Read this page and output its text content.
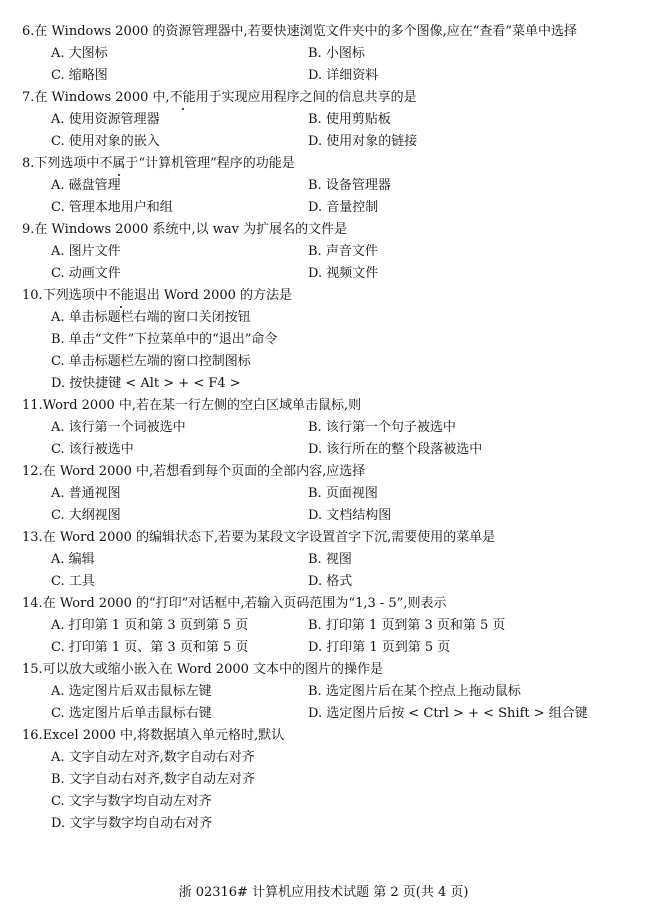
6.在 Windows 2000 的资源管理器中,若要快速浏览文件夹中的多个图像,应在“查看”菜单中选择
A. 大图标	B. 小图标
C. 缩略图	D. 详细资料
7.在 Windows 2000 中,不能用于实现应用程序之间的信息共享的是
A. 使用资源管理器	B. 使用剪贴板
C. 使用对象的嵌入	D. 使用对象的链接
8.下列选项中不属于“计算机管理”程序的功能是
A. 磁盘管理	B. 设备管理器
C. 管理本地用户和组	D. 音量控制
9.在 Windows 2000 系统中,以 wav 为扩展名的文件是
A. 图片文件	B. 声音文件
C. 动画文件	D. 视频文件
10.下列选项中不能退出 Word 2000 的方法是
A. 单击标题栏右端的窗口关闭按钮
B. 单击“文件”下拉菜单中的“退出”命令
C. 单击标题栏左端的窗口控制图标
D. 按快捷键 < Alt > + < F4 >
11.Word 2000 中,若在某一行左侧的空白区域单击鼠标,则
A. 该行第一个词被选中	B. 该行第一个句子被选中
C. 该行被选中	D. 该行所在的整个段落被选中
12.在 Word 2000 中,若想看到每个页面的全部内容,应选择
A. 普通视图	B. 页面视图
C. 大纲视图	D. 文档结构图
13.在 Word 2000 的编辑状态下,若要为某段文字设置首字下沉,需要使用的菜单是
A. 编辑	B. 视图
C. 工具	D. 格式
14.在 Word 2000 的“打印”对话框中,若输入页码范围为“1,3 - 5”,则表示
A. 打印第 1 页和第 3 页到第 5 页	B. 打印第 1 页到第 3 页和第 5 页
C. 打印第 1 页、第 3 页和第 5 页	D. 打印第 1 页到第 5 页
15.可以放大或缩小嵌入在 Word 2000 文本中的图片的操作是
A. 选定图片后双击鼠标左键	B. 选定图片后在某个控点上拖动鼠标
C. 选定图片后单击鼠标右键	D. 选定图片后按 < Ctrl > + < Shift > 组合键
16.Excel 2000 中,将数据填入单元格时,默认
A. 文字自动左对齐,数字自动右对齐
B. 文字自动右对齐,数字自动左对齐
C. 文字与数字均自动左对齐
D. 文字与数字均自动右对齐
浙 02316# 计算机应用技术试题 第 2 页(共 4 页)
